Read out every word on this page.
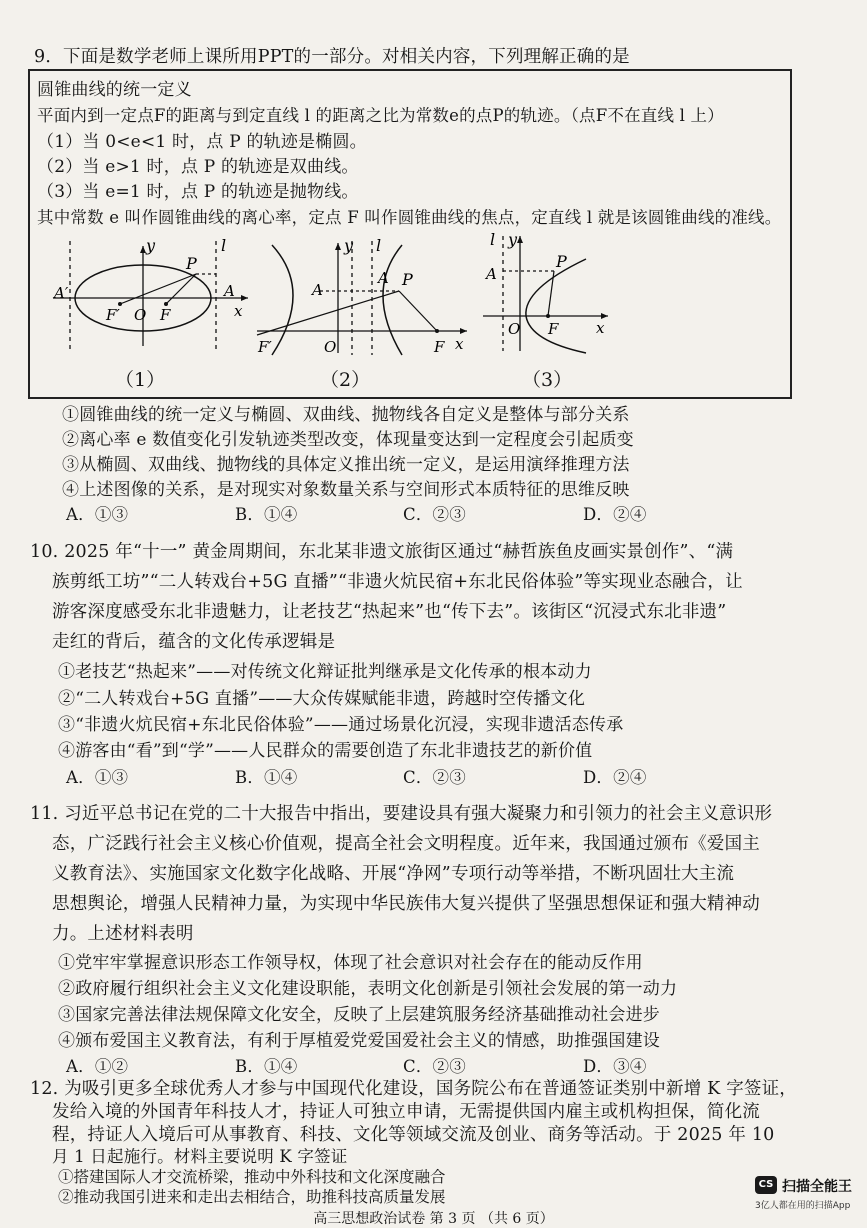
9．下面是数学老师上课所用PPT的一部分。对相关内容，下列理解正确的是
圆锥曲线的统一定义
平面内到一定点F的距离与到定直线 l 的距离之比为常数e的点P的轨迹。（点F不在直线 l 上）
（1）当 0<e<1 时，点 P 的轨迹是椭圆。
（2）当 e>1 时，点 P 的轨迹是双曲线。
（3）当 e=1 时，点 P 的轨迹是抛物线。
其中常数 e 叫作圆锥曲线的离心率，定点 F 叫作圆锥曲线的焦点，定直线 l 就是该圆锥曲线的准线。
y	l
P
A
A′
x
F′ O F
（1）
y l
P
A
A
O	F x
F′
（2）
l y
P
A
O F	x
（3）
①圆锥曲线的统一定义与椭圆、双曲线、抛物线各自定义是整体与部分关系
②离心率 e 数值变化引发轨迹类型改变，体现量变达到一定程度会引起质变
③从椭圆、双曲线、抛物线的具体定义推出统一定义，是运用演绎推理方法
④上述图像的关系，是对现实对象数量关系与空间形式本质特征的思维反映
A．①③	B．①④	C．②③	D．②④
10. 2025 年“十一” 黄金周期间，东北某非遗文旅街区通过“赫哲族鱼皮画实景创作”、“满
族剪纸工坊”“二人转戏台+5G 直播”“非遗火炕民宿+东北民俗体验”等实现业态融合，让
游客深度感受东北非遗魅力，让老技艺“热起来”也“传下去”。该街区“沉浸式东北非遗”
走红的背后，蕴含的文化传承逻辑是
①老技艺“热起来”——对传统文化辩证批判继承是文化传承的根本动力
②“二人转戏台+5G 直播”——大众传媒赋能非遗，跨越时空传播文化
③“非遗火炕民宿+东北民俗体验”——通过场景化沉浸，实现非遗活态传承
④游客由“看”到“学”——人民群众的需要创造了东北非遗技艺的新价值
A．①③	B．①④	C．②③	D．②④
11. 习近平总书记在党的二十大报告中指出，要建设具有强大凝聚力和引领力的社会主义意识形
态，广泛践行社会主义核心价值观，提高全社会文明程度。近年来，我国通过颁布《爱国主
义教育法》、实施国家文化数字化战略、开展“净网”专项行动等举措，不断巩固壮大主流
思想舆论，增强人民精神力量，为实现中华民族伟大复兴提供了坚强思想保证和强大精神动
力。上述材料表明
①党牢牢掌握意识形态工作领导权，体现了社会意识对社会存在的能动反作用
②政府履行组织社会主义文化建设职能，表明文化创新是引领社会发展的第一动力
③国家完善法律法规保障文化安全，反映了上层建筑服务经济基础推动社会进步
④颁布爱国主义教育法，有利于厚植爱党爱国爱社会主义的情感，助推强国建设
A．①②	B．①④	C．②③	D．③④
12. 为吸引更多全球优秀人才参与中国现代化建设，国务院公布在普通签证类别中新增 K 字签证，
发给入境的外国青年科技人才，持证人可独立申请，无需提供国内雇主或机构担保，简化流
程，持证人入境后可从事教育、科技、文化等领域交流及创业、商务等活动。于 2025 年 10
月 1 日起施行。材料主要说明 K 字签证
高三思想政治试卷 第 3 页 （共 6 页）
CS 扫描全能王
3亿人都在用的扫描App
①搭建国际人才交流桥梁，推动中外科技和文化深度融合
②推动我国引进来和走出去相结合，助推科技高质量发展
